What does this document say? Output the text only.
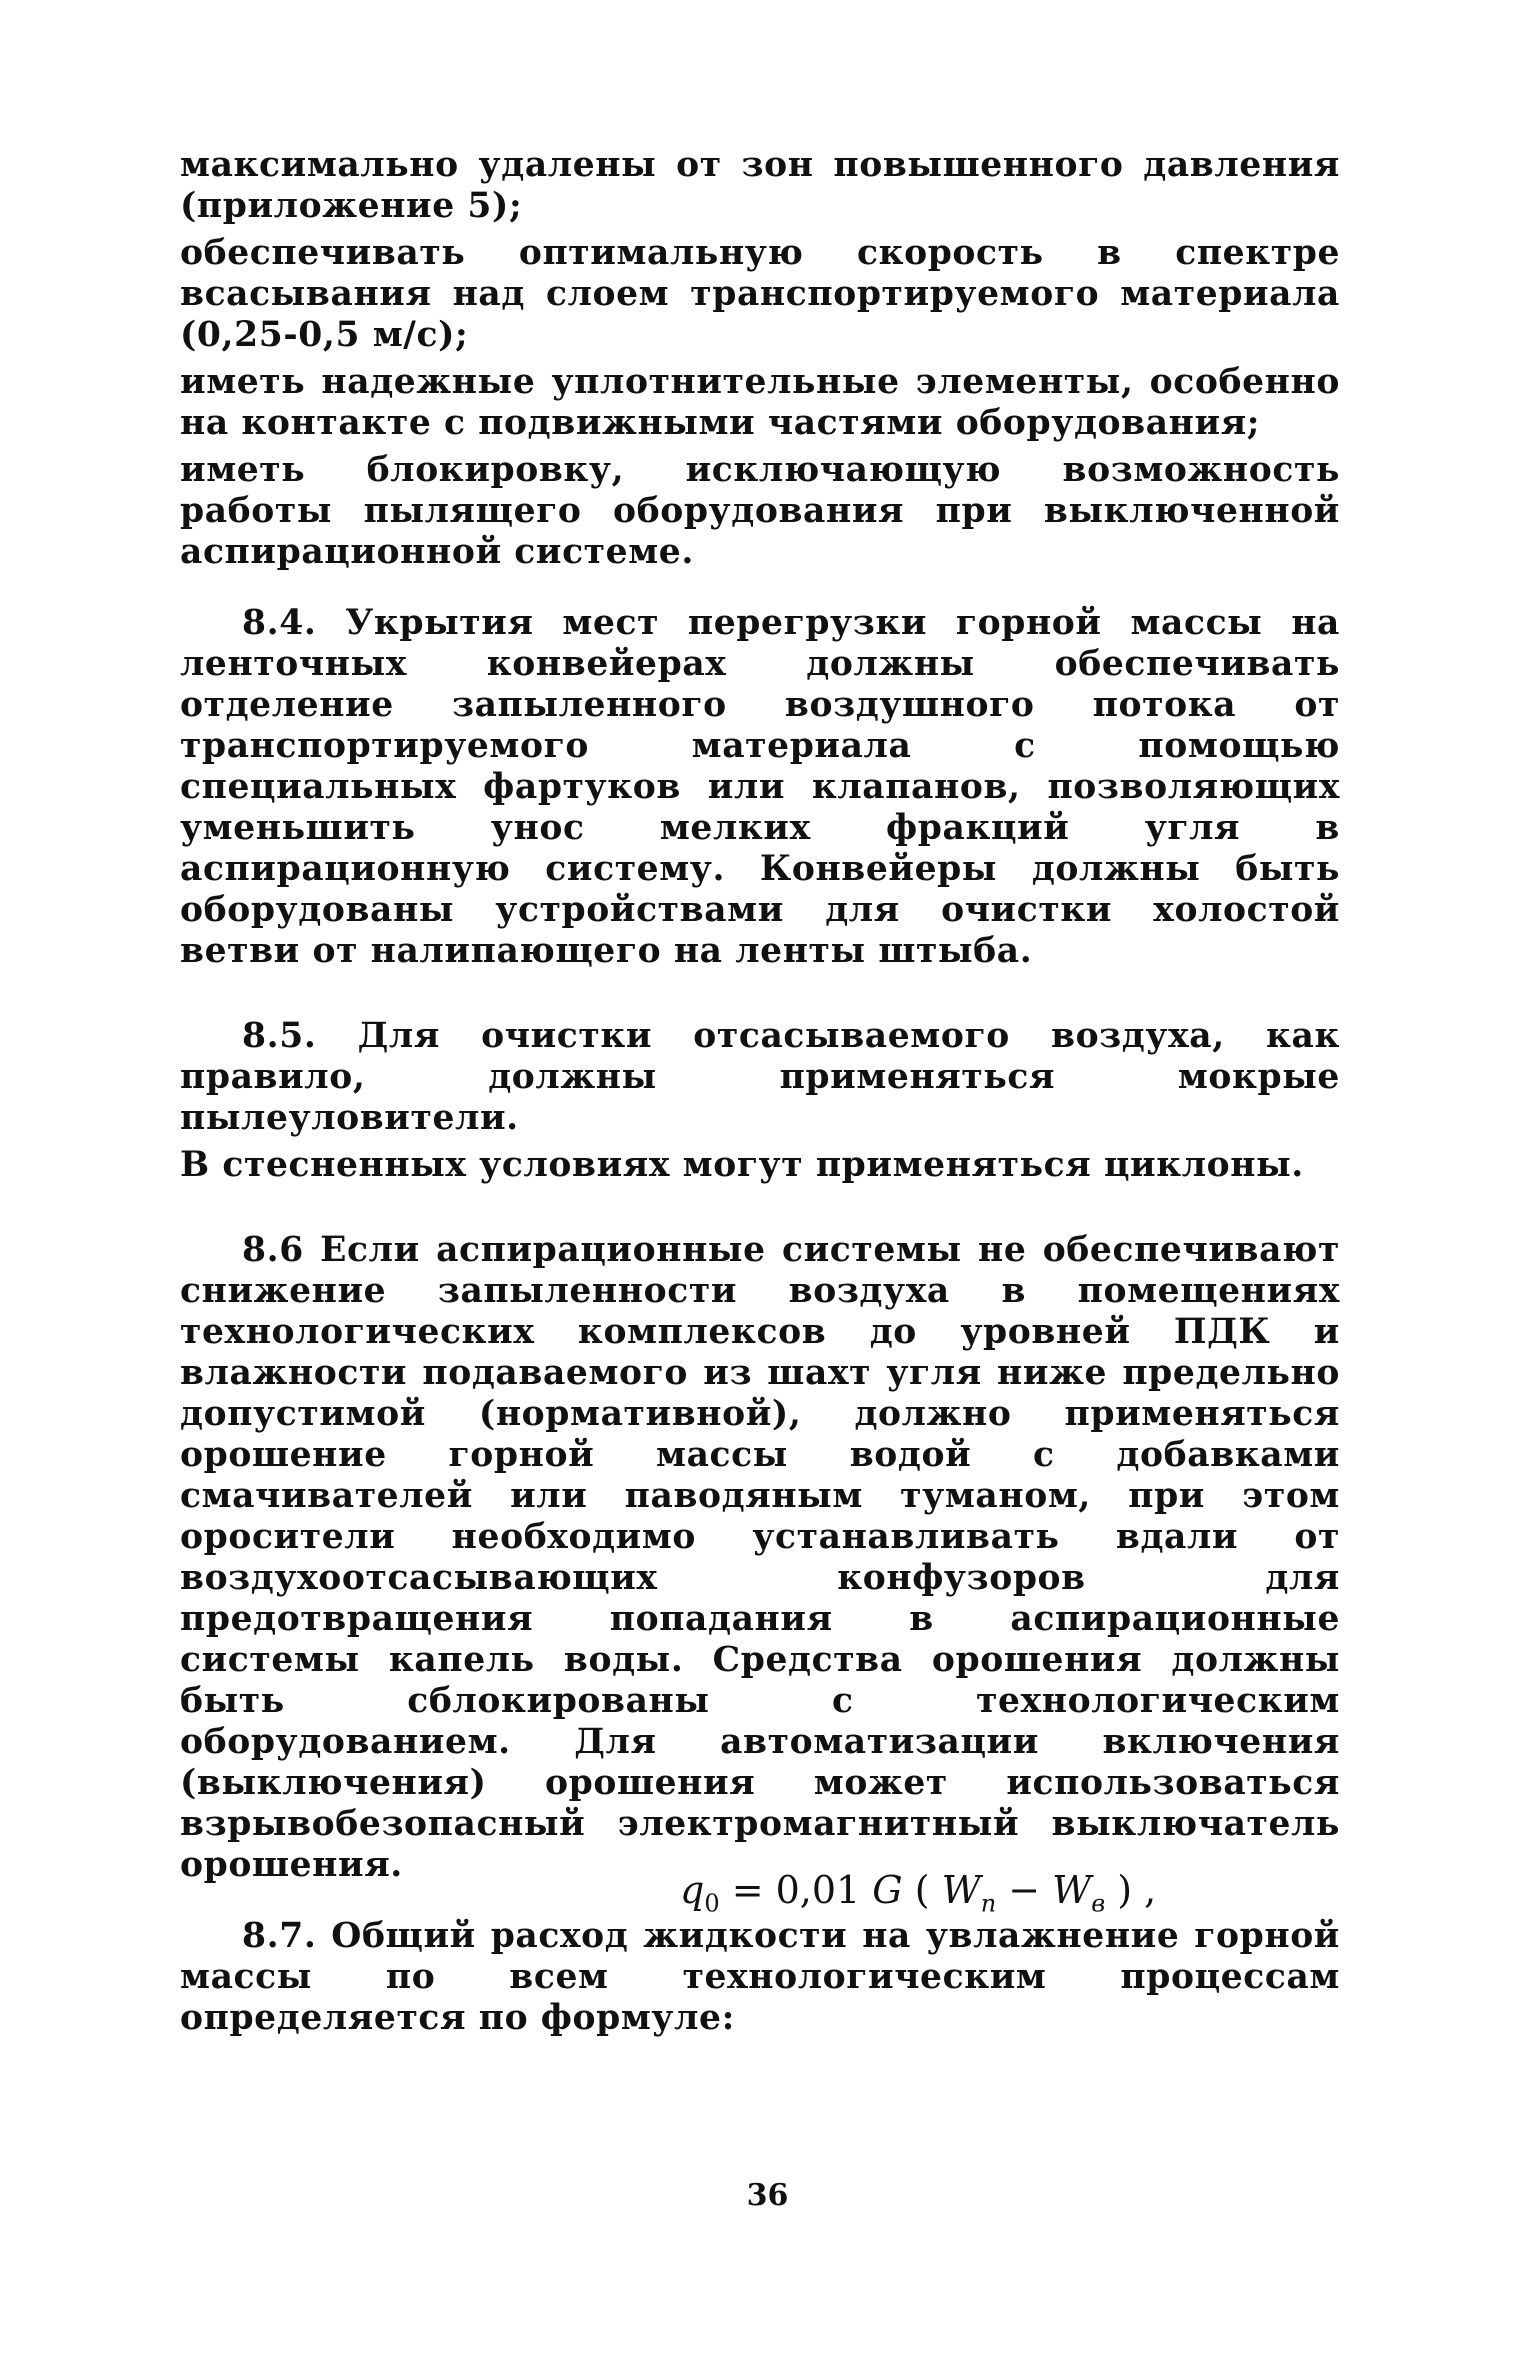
максимально удалены от зон повышенного давления (приложение 5);

обеспечивать оптимальную скорость в спектре всасывания над слоем транспортируемого материала (0,25-0,5 м/с);

иметь надежные уплотнительные элементы, особенно на контакте с подвижными частями оборудования;

иметь блокировку, исключающую возможность работы пылящего оборудования при выключенной аспирационной системе.

8.4. Укрытия мест перегрузки горной массы на ленточных конвейерах должны обеспечивать отделение запыленного воздушного потока от транспортируемого материала с помощью специальных фартуков или клапанов, позволяющих уменьшить унос мелких фракций угля в аспирационную систему. Конвейеры должны быть оборудованы устройствами для очистки холостой ветви от налипающего на ленты штыба.

8.5. Для очистки отсасываемого воздуха, как правило, должны применяться мокрые пылеуловители.

В стесненных условиях могут применяться циклоны.

8.6 Если аспирационные системы не обеспечивают снижение запыленности воздуха в помещениях технологических комплексов до уровней ПДК и влажности подаваемого из шахт угля ниже предельно допустимой (нормативной), должно применяться орошение горной массы водой с добавками смачивателей или паводяным туманом, при этом оросители необходимо устанавливать вдали от воздухоотсасывающих конфузоров для предотвращения попадания в аспирационные системы капель воды. Средства орошения должны быть сблокированы с технологическим оборудованием. Для автоматизации включения (выключения) орошения может использоваться взрывобезопасный электромагнитный выключатель орошения.

8.7. Общий расход жидкости на увлажнение горной массы по всем технологическим процессам определяется по формуле:

$q_0 = 0,01$ G ( $W_п - W_в$ ) ,
36
